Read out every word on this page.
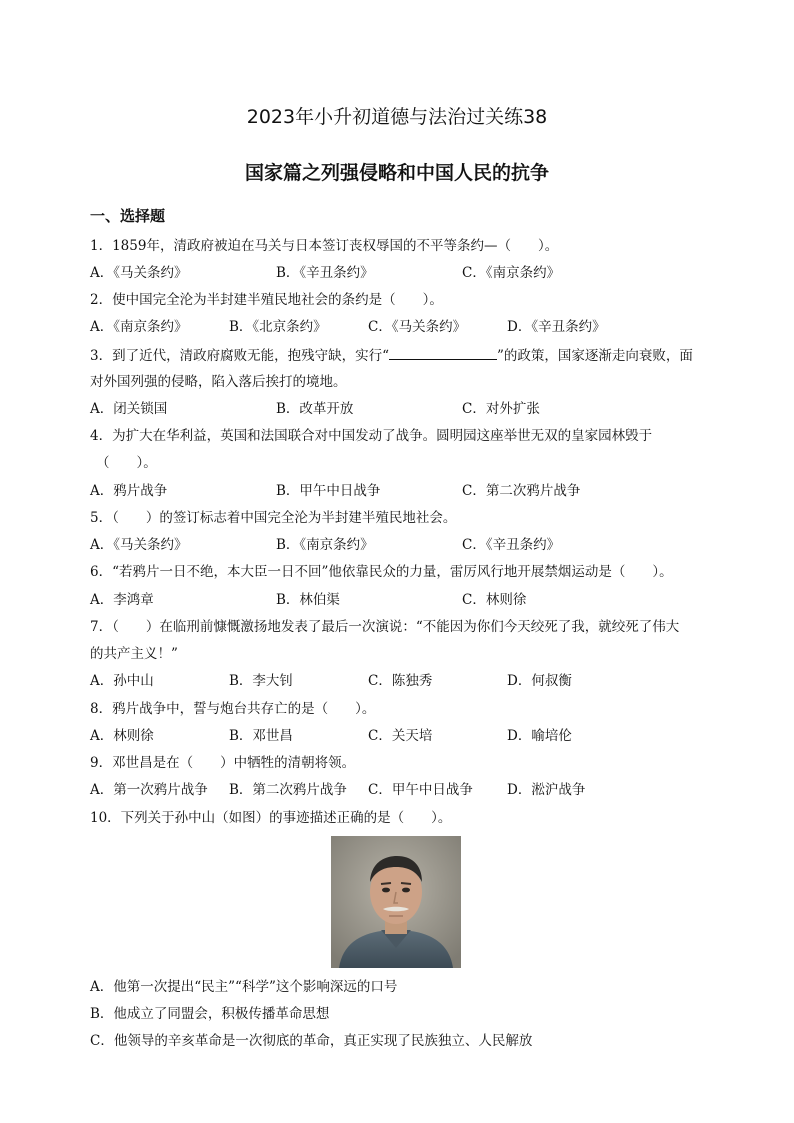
2023年小升初道德与法治过关练38
国家篇之列强侵略和中国人民的抗争
一、选择题
1．1859年，清政府被迫在马关与日本签订丧权辱国的不平等条约—（　　）。
A．《马关条约》	B．《辛丑条约》	C．《南京条约》
2．使中国完全沦为半封建半殖民地社会的条约是（　　）。
A．《南京条约》	B．《北京条约》	C．《马关条约》	D．《辛丑条约》
3．到了近代，清政府腐败无能，抱残守缺，实行“	”的政策，国家逐渐走向衰败，面
对外国列强的侵略，陷入落后挨打的境地。
A．闭关锁国	B．改革开放	C．对外扩张
4．为扩大在华利益，英国和法国联合对中国发动了战争。圆明园这座举世无双的皇家园林毁于
（　　）。
A．鸦片战争	B．甲午中日战争	C．第二次鸦片战争
5．（　　）的签订标志着中国完全沦为半封建半殖民地社会。
A．《马关条约》	B．《南京条约》	C．《辛丑条约》
6．“若鸦片一日不绝，本大臣一日不回”他依靠民众的力量，雷厉风行地开展禁烟运动是（　　）。
A．李鸿章	B．林伯渠	C．林则徐
7．（　　）在临刑前慷慨激扬地发表了最后一次演说：“不能因为你们今天绞死了我，就绞死了伟大
的共产主义！”
A．孙中山	B．李大钊	C．陈独秀	D．何叔衡
8．鸦片战争中，誓与炮台共存亡的是（　　）。
A．林则徐	B．邓世昌	C．关天培	D．喻培伦
9．邓世昌是在（　　）中牺牲的清朝将领。
A．第一次鸦片战争 B．第二次鸦片战争 C．甲午中日战争	D．淞沪战争
10．下列关于孙中山（如图）的事迹描述正确的是（　　）。
A．他第一次提出“民主”“科学”这个影响深远的口号
B．他成立了同盟会，积极传播革命思想
C．他领导的辛亥革命是一次彻底的革命，真正实现了民族独立、人民解放
